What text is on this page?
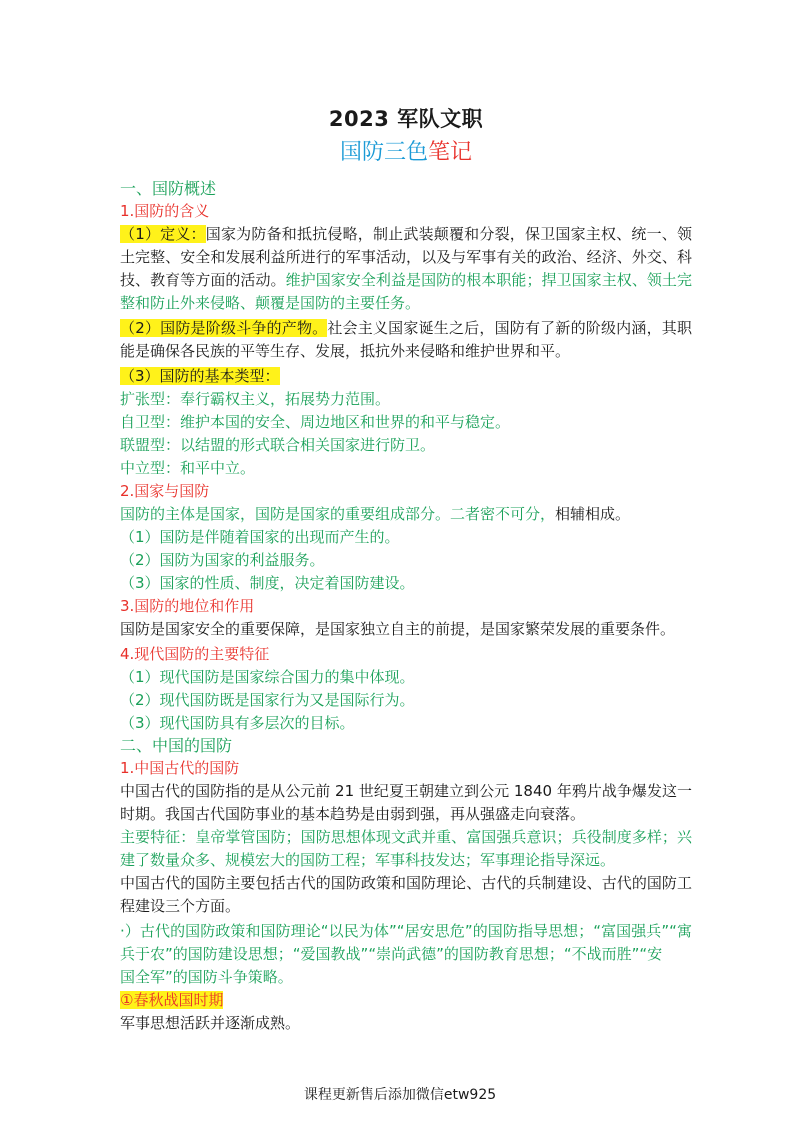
2023 军队文职
国防三色笔记
一、国防概述
1.国防的含义
（1）定义：国家为防备和抵抗侵略，制止武装颠覆和分裂，保卫国家主权、统一、领土完整、安全和发展利益所进行的军事活动，以及与军事有关的政治、经济、外交、科技、教育等方面的活动。维护国家安全利益是国防的根本职能；捍卫国家主权、领土完整和防止外来侵略、颠覆是国防的主要任务。
（2）国防是阶级斗争的产物。社会主义国家诞生之后，国防有了新的阶级内涵，其职能是确保各民族的平等生存、发展，抵抗外来侵略和维护世界和平。
（3）国防的基本类型：
扩张型：奉行霸权主义，拓展势力范围。
自卫型：维护本国的安全、周边地区和世界的和平与稳定。
联盟型：以结盟的形式联合相关国家进行防卫。
中立型：和平中立。
2.国家与国防
国防的主体是国家，国防是国家的重要组成部分。二者密不可分，相辅相成。
（1）国防是伴随着国家的出现而产生的。
（2）国防为国家的利益服务。
（3）国家的性质、制度，决定着国防建设。
3.国防的地位和作用
国防是国家安全的重要保障，是国家独立自主的前提，是国家繁荣发展的重要条件。
4.现代国防的主要特征
（1）现代国防是国家综合国力的集中体现。
（2）现代国防既是国家行为又是国际行为。
（3）现代国防具有多层次的目标。
二、中国的国防
1.中国古代的国防
中国古代的国防指的是从公元前 21 世纪夏王朝建立到公元 1840 年鸦片战争爆发这一时期。我国古代国防事业的基本趋势是由弱到强，再从强盛走向衰落。
主要特征：皇帝掌管国防；国防思想体现文武并重、富国强兵意识；兵役制度多样；兴建了数量众多、规模宏大的国防工程；军事科技发达；军事理论指导深远。
中国古代的国防主要包括古代的国防政策和国防理论、古代的兵制建设、古代的国防工程建设三个方面。
·）古代的国防政策和国防理论“以民为体”“居安思危”的国防指导思想；“富国强兵”“寓兵于农”的国防建设思想；“爱国教战”“崇尚武德”的国防教育思想；“不战而胜”“安
国全军”的国防斗争策略。
①春秋战国时期
军事思想活跃并逐渐成熟。
课程更新售后添加微信etw925
